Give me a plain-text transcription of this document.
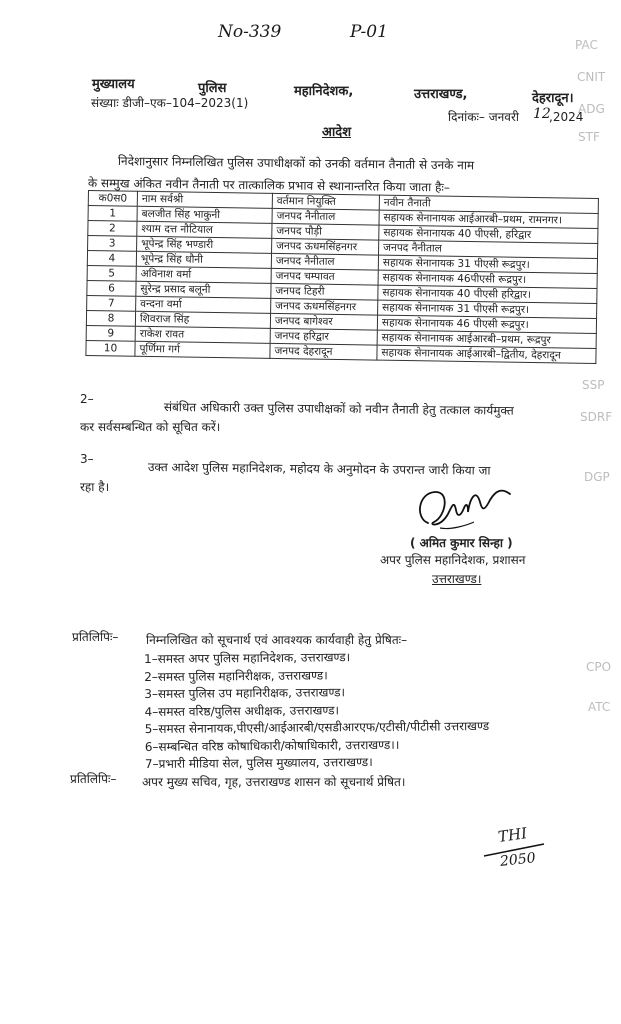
PAC
CNIT
ADG
STF
SSP
SDRF
DGP
CPO
ATC
No-339	P-01
मुख्यालय	पुलिस	महानिदेशक,	उत्तराखण्ड,	देहरादून।
संख्याः डीजी–एक–104–2023(1)
दिनांकः– जनवरी 12
,2024
आदेश
निदेशानुसार निम्नलिखित पुलिस उपाधीक्षकों को उनकी वर्तमान तैनाती से उनके नाम
के सम्मुख अंकित नवीन तैनाती पर तात्कालिक प्रभाव से स्थानान्तरित किया जाता हैः–
क0स0	नाम सर्वश्री	वर्तमान नियुक्ति	नवीन तैनाती
1	बलजीत सिंह भाकुनी	जनपद नैनीताल	सहायक सेनानायक आईआरबी–प्रथम, रामनगर।
2	श्याम दत्त नौटियाल	जनपद पौड़ी	सहायक सेनानायक 40 पीएसी, हरिद्वार
3	भूपेन्द्र सिंह भण्डारी	जनपद ऊधमसिंहनगर	जनपद नैनीताल
4	भूपेन्द्र सिंह धौनी	जनपद नैनीताल	सहायक सेनानायक 31 पीएसी रूद्रपुर।
5	अविनाश वर्मा	जनपद चम्पावत	सहायक सेनानायक 46पीएसी रूद्रपुर।
6	सुरेन्द्र प्रसाद बलूनी	जनपद टिहरी	सहायक सेनानायक 40 पीएसी हरिद्वार।
7	वन्दना वर्मा	जनपद ऊधमसिंहनगर	सहायक सेनानायक 31 पीएसी रूद्रपुर।
8	शिवराज सिंह	जनपद बागेश्वर	सहायक सेनानायक 46 पीएसी रूद्रपुर।
9	राकेश रावत	जनपद हरिद्वार	सहायक सेनानायक आईआरबी–प्रथम, रूद्रपुर
10	पूर्णिमा गर्ग	जनपद देहरादून	सहायक सेनानायक आईआरबी–द्वितीय, देहरादून
2–
संबंधित अधिकारी उक्त पुलिस उपाधीक्षकों को नवीन तैनाती हेतु तत्काल कार्यमुक्त
कर सर्वसम्बन्धित को सूचित करें।
3–
उक्त आदेश पुलिस महानिदेशक, महोदय के अनुमोदन के उपरान्त जारी किया जा
रहा है।
( अमित कुमार सिन्हा )
अपर पुलिस महानिदेशक, प्रशासन
उत्तराखण्ड।
प्रतिलिपिः– निम्नलिखित को सूचनार्थ एवं आवश्यक कार्यवाही हेतु प्रेषितः–
1–समस्त अपर पुलिस महानिदेशक, उत्तराखण्ड।
2–समस्त पुलिस महानिरीक्षक, उत्तराखण्ड।
3–समस्त पुलिस उप महानिरीक्षक, उत्तराखण्ड।
4–समस्त वरिष्ठ/पुलिस अधीक्षक, उत्तराखण्ड।
5–समस्त सेनानायक,पीएसी/आईआरबी/एसडीआरएफ/एटीसी/पीटीसी उत्तराखण्ड
6–सम्बन्धित वरिष्ठ कोषाधिकारी/कोषाधिकारी, उत्तराखण्ड।।
7–प्रभारी मीडिया सेल, पुलिस मुख्यालय, उत्तराखण्ड।
प्रतिलिपिः– अपर मुख्य सचिव, गृह, उत्तराखण्ड शासन को सूचनार्थ प्रेषित।
THI
2050
